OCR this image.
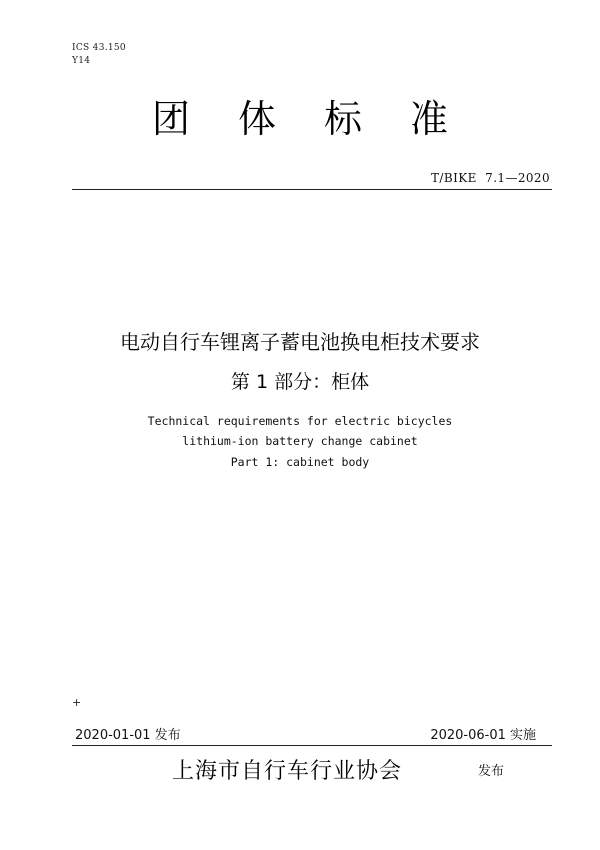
ICS 43.150
Y14
团体标准
T/BIKE  7.1—2020
电动自行车锂离子蓄电池换电柜技术要求
第 1 部分：柜体
Technical requirements for electric bicycles
lithium-ion battery change cabinet
Part 1: cabinet body
+
2020-01-01 发布	2020-06-01 实施
上海市自行车行业协会	发布
